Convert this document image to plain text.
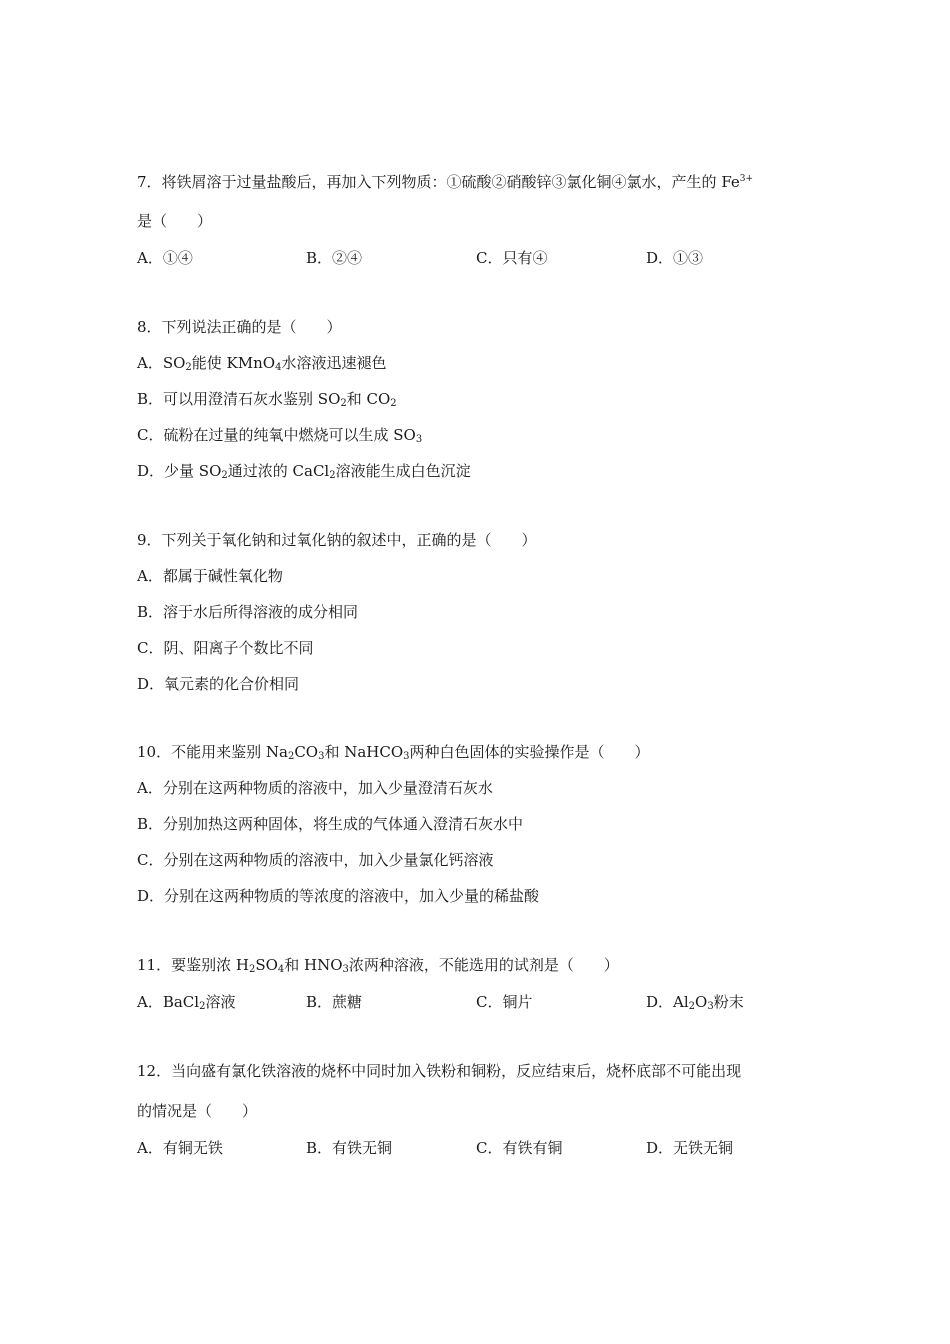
7．将铁屑溶于过量盐酸后，再加入下列物质：①硫酸②硝酸锌③氯化铜④氯水，产生的 $Fe^{3+}$
是（　　）
A．①④	B．②④	C．只有④	D．①③
8．下列说法正确的是（　　）
A．$SO_2$能使 KMnO$_4$水溶液迅速褪色
B．可以用澄清石灰水鉴别 $SO_2$和 $CO_2$
C．硫粉在过量的纯氧中燃烧可以生成 $SO_3$
D．少量 $SO_2$通过浓的 CaCl$_2$溶液能生成白色沉淀
9．下列关于氧化钠和过氧化钠的叙述中，正确的是（　　）
A．都属于碱性氧化物
B．溶于水后所得溶液的成分相同
C．阴、阳离子个数比不同
D．氧元素的化合价相同
10．不能用来鉴别 $Na_2CO_3$和 NaHCO$_3$两种白色固体的实验操作是（　　）
A．分别在这两种物质的溶液中，加入少量澄清石灰水
B．分别加热这两种固体，将生成的气体通入澄清石灰水中
C．分别在这两种物质的溶液中，加入少量氯化钙溶液
D．分别在这两种物质的等浓度的溶液中，加入少量的稀盐酸
11．要鉴别浓 $H_2SO_4$和 $HNO_3$浓两种溶液，不能选用的试剂是（　　）
A．BaCl$_2$溶液	B．蔗糖	C．铜片	D．$Al_2O_3$粉末
12．当向盛有氯化铁溶液的烧杯中同时加入铁粉和铜粉，反应结束后，烧杯底部不可能出现
的情况是（　　）
A．有铜无铁	B．有铁无铜	C．有铁有铜	D．无铁无铜
